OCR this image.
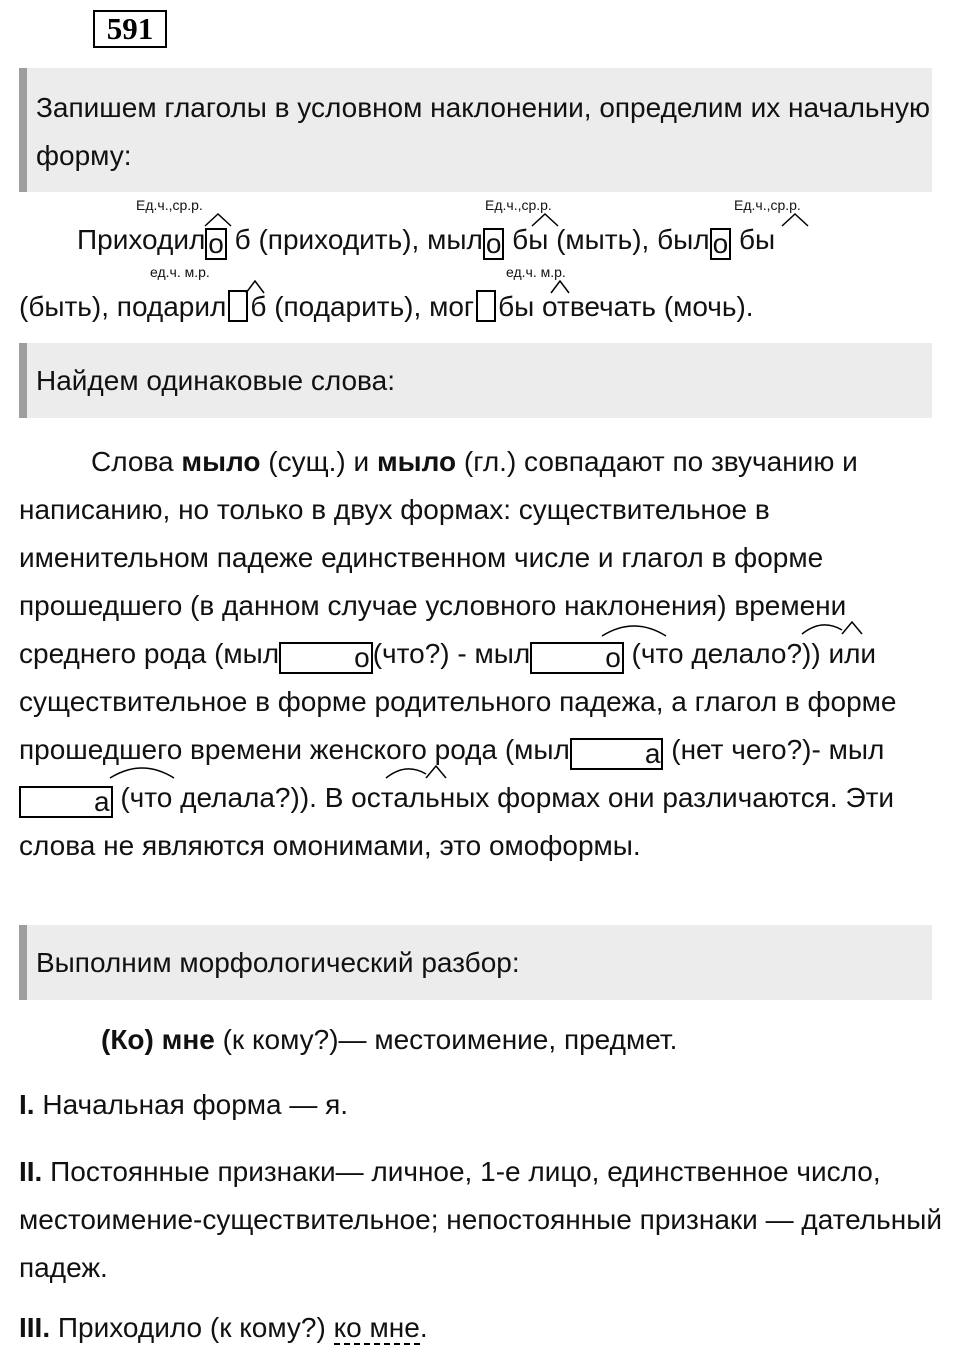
591
Запишем глаголы в условном наклонении, определим их начальную форму:
Ед.ч.,ср.р.	Ед.ч.,ср.р.	Ед.ч.,ср.р.
Приходил о б (приходить), мыл о бы (мыть), был о бы
ед.ч. м.р.	ед.ч. м.р.
(быть), подарил б (подарить), мог бы отвечать (мочь).
Найдем одинаковые слова:
Слова мыло (сущ.) и мыло (гл.) совпадают по звучанию и написанию, но только в двух формах: существительное в именительном падеже единственном числе и глагол в форме прошедшего (в данном случае условного наклонения) времени среднего рода (мыл	о (что?) - мыл	о (что делало?)) или существительное в форме родительного падежа, а глагол в форме прошедшего времени женского рода (мыл	а (нет чего?)- мыла (что делала?)). В остальных формах они различаются. Эти слова не являются омонимами, это омоформы.
Выполним морфологический разбор:
(Ко) мне (к кому?)— местоимение, предмет.
I. Начальная форма — я.
II. Постоянные признаки— личное, 1-е лицо, единственное число, местоимение-существительное; непостоянные признаки — дательный падеж.
III. Приходило (к кому?) ко мне.
